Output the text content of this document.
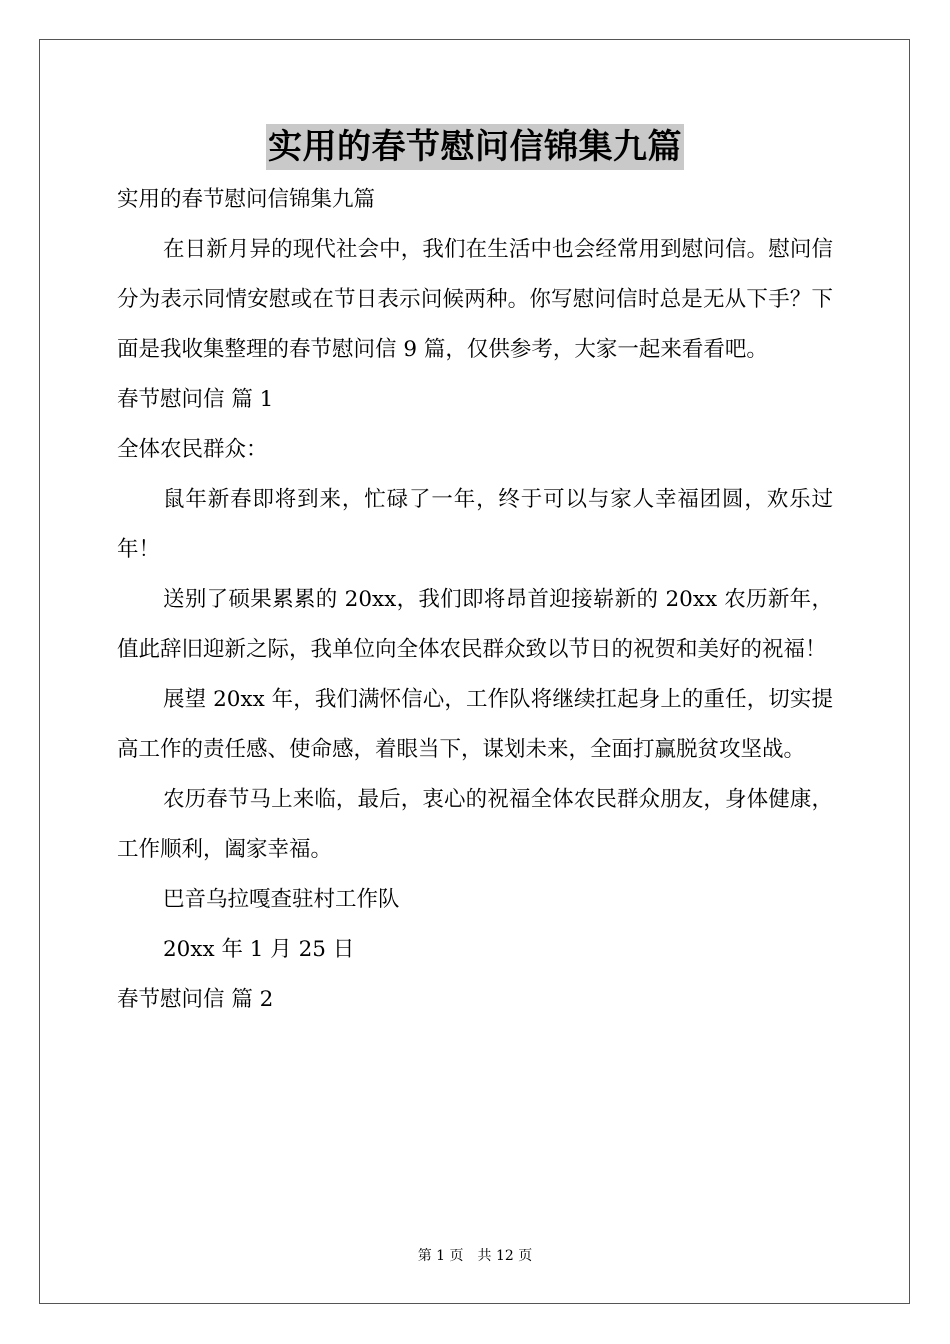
实用的春节慰问信锦集九篇
实用的春节慰问信锦集九篇

在日新月异的现代社会中，我们在生活中也会经常用到慰问信。慰问信分为表示同情安慰或在节日表示问候两种。你写慰问信时总是无从下手？下面是我收集整理的春节慰问信 9 篇，仅供参考，大家一起来看看吧。

春节慰问信 篇 1
全体农民群众：

鼠年新春即将到来，忙碌了一年，终于可以与家人幸福团圆，欢乐过年！

送别了硕果累累的 20xx，我们即将昂首迎接崭新的 20xx 农历新年，值此辞旧迎新之际，我单位向全体农民群众致以节日的祝贺和美好的祝福！

展望 20xx 年，我们满怀信心，工作队将继续扛起身上的重任，切实提高工作的责任感、使命感，着眼当下，谋划未来，全面打赢脱贫攻坚战。

农历春节马上来临，最后，衷心的祝福全体农民群众朋友，身体健康，工作顺利，阖家幸福。

巴音乌拉嘎查驻村工作队
20xx 年 1 月 25 日
春节慰问信 篇 2
第 1 页 共 12 页
